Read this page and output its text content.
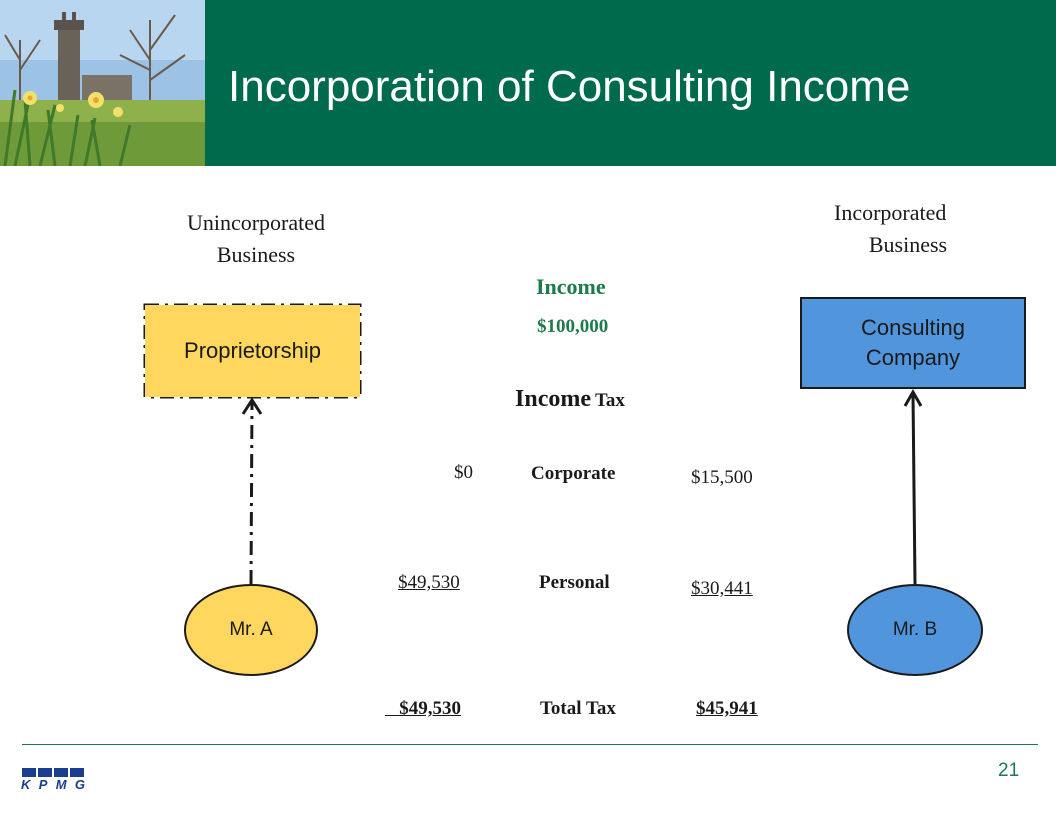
Incorporation of Consulting Income
Unincorporated
Business
Proprietorship
Mr. A
Incorporated
Business
Consulting
Company
Mr. B
Income
$100,000
Income Tax
$0	Corporate	$15,500
$49,530	Personal	$30,441
$49,530	Total Tax	$45,941
KPMG
21
